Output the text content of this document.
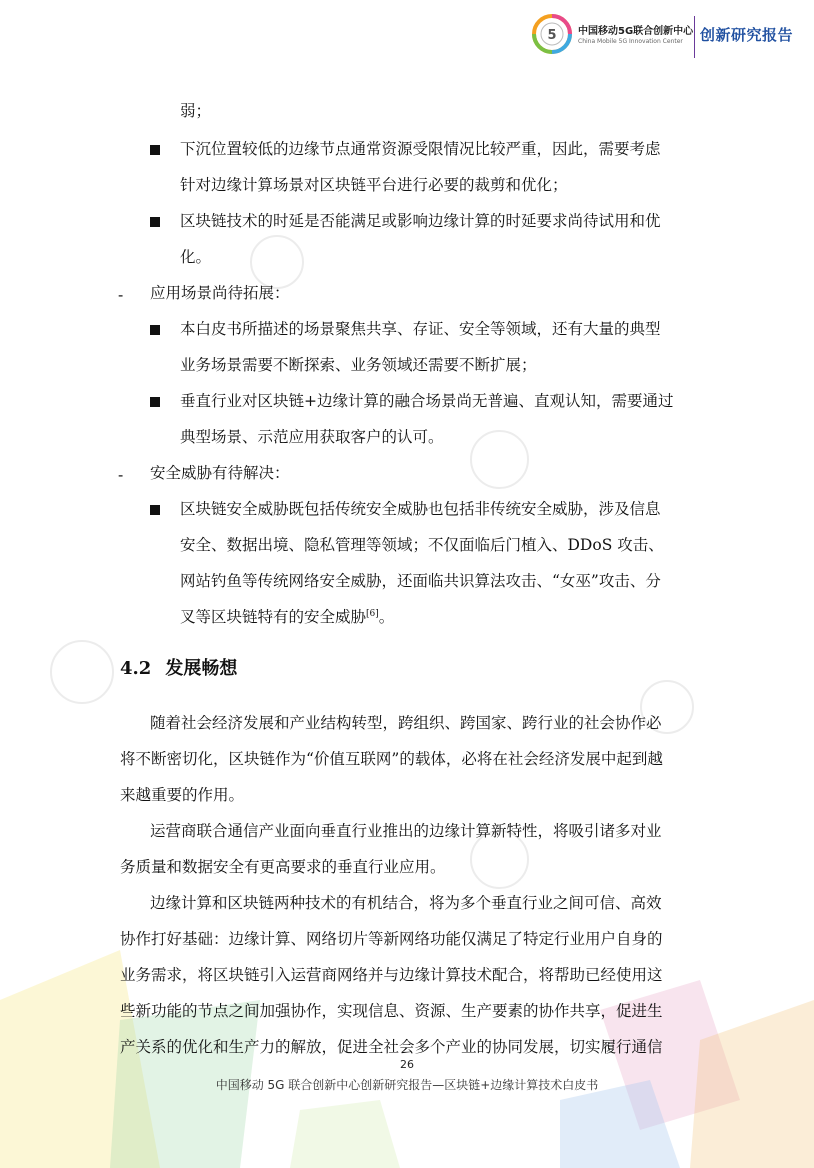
5 中国移动5G联合创新中心
China Mobile 5G Innovation Center 创新研究报告
弱；
下沉位置较低的边缘节点通常资源受限情况比较严重，因此，需要考虑
针对边缘计算场景对区块链平台进行必要的裁剪和优化；
区块链技术的时延是否能满足或影响边缘计算的时延要求尚待试用和优
化。
- 应用场景尚待拓展：
本白皮书所描述的场景聚焦共享、存证、安全等领域，还有大量的典型
业务场景需要不断探索、业务领域还需要不断扩展；
垂直行业对区块链+边缘计算的融合场景尚无普遍、直观认知，需要通过
典型场景、示范应用获取客户的认可。
- 安全威胁有待解决：
区块链安全威胁既包括传统安全威胁也包括非传统安全威胁，涉及信息
安全、数据出境、隐私管理等领域；不仅面临后门植入、DDoS 攻击、
网站钓鱼等传统网络安全威胁，还面临共识算法攻击、“女巫”攻击、分
叉等区块链特有的安全威胁[6]。
4.2 发展畅想
随着社会经济发展和产业结构转型，跨组织、跨国家、跨行业的社会协作必
将不断密切化，区块链作为“价值互联网”的载体，必将在社会经济发展中起到越
来越重要的作用。
运营商联合通信产业面向垂直行业推出的边缘计算新特性，将吸引诸多对业
务质量和数据安全有更高要求的垂直行业应用。
边缘计算和区块链两种技术的有机结合，将为多个垂直行业之间可信、高效
协作打好基础：边缘计算、网络切片等新网络功能仅满足了特定行业用户自身的
业务需求，将区块链引入运营商网络并与边缘计算技术配合，将帮助已经使用这
些新功能的节点之间加强协作，实现信息、资源、生产要素的协作共享，促进生
产关系的优化和生产力的解放，促进全社会多个产业的协同发展，切实履行通信
26
中国移动 5G 联合创新中心创新研究报告—区块链+边缘计算技术白皮书
